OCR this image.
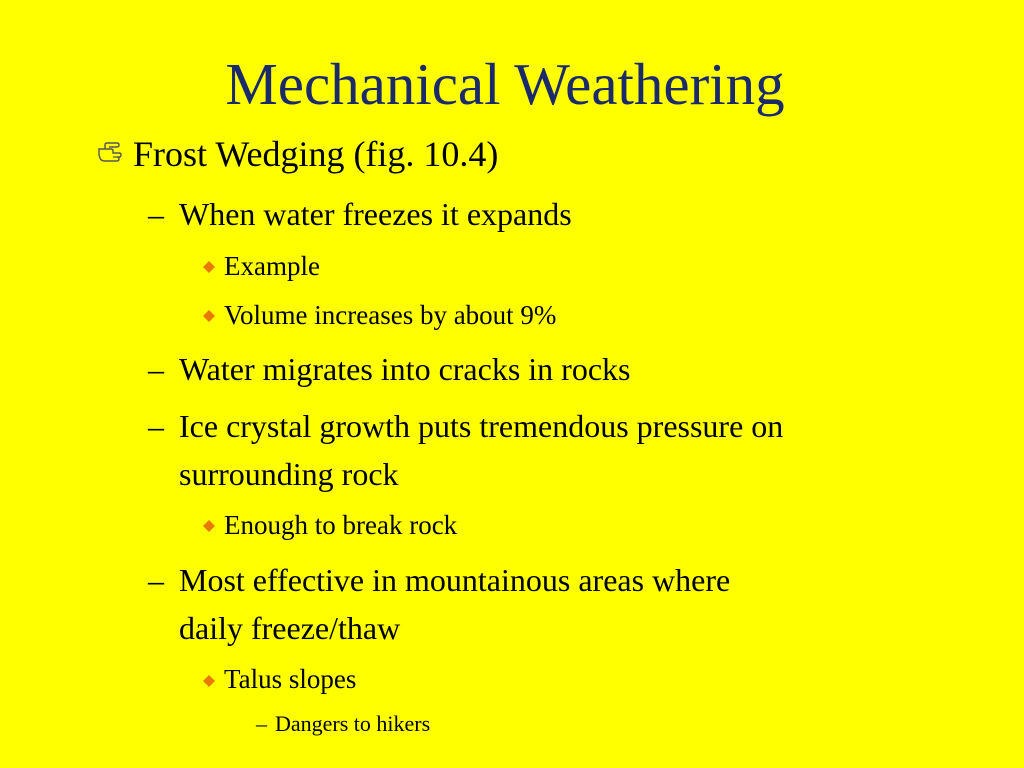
Mechanical Weathering
Frost Wedging (fig. 10.4)
– When water freezes it expands
Example
Volume increases by about 9%
– Water migrates into cracks in rocks
– Ice crystal growth puts tremendous pressure on
surrounding rock
Enough to break rock
– Most effective in mountainous areas where
daily freeze/thaw
Talus slopes
– Dangers to hikers
